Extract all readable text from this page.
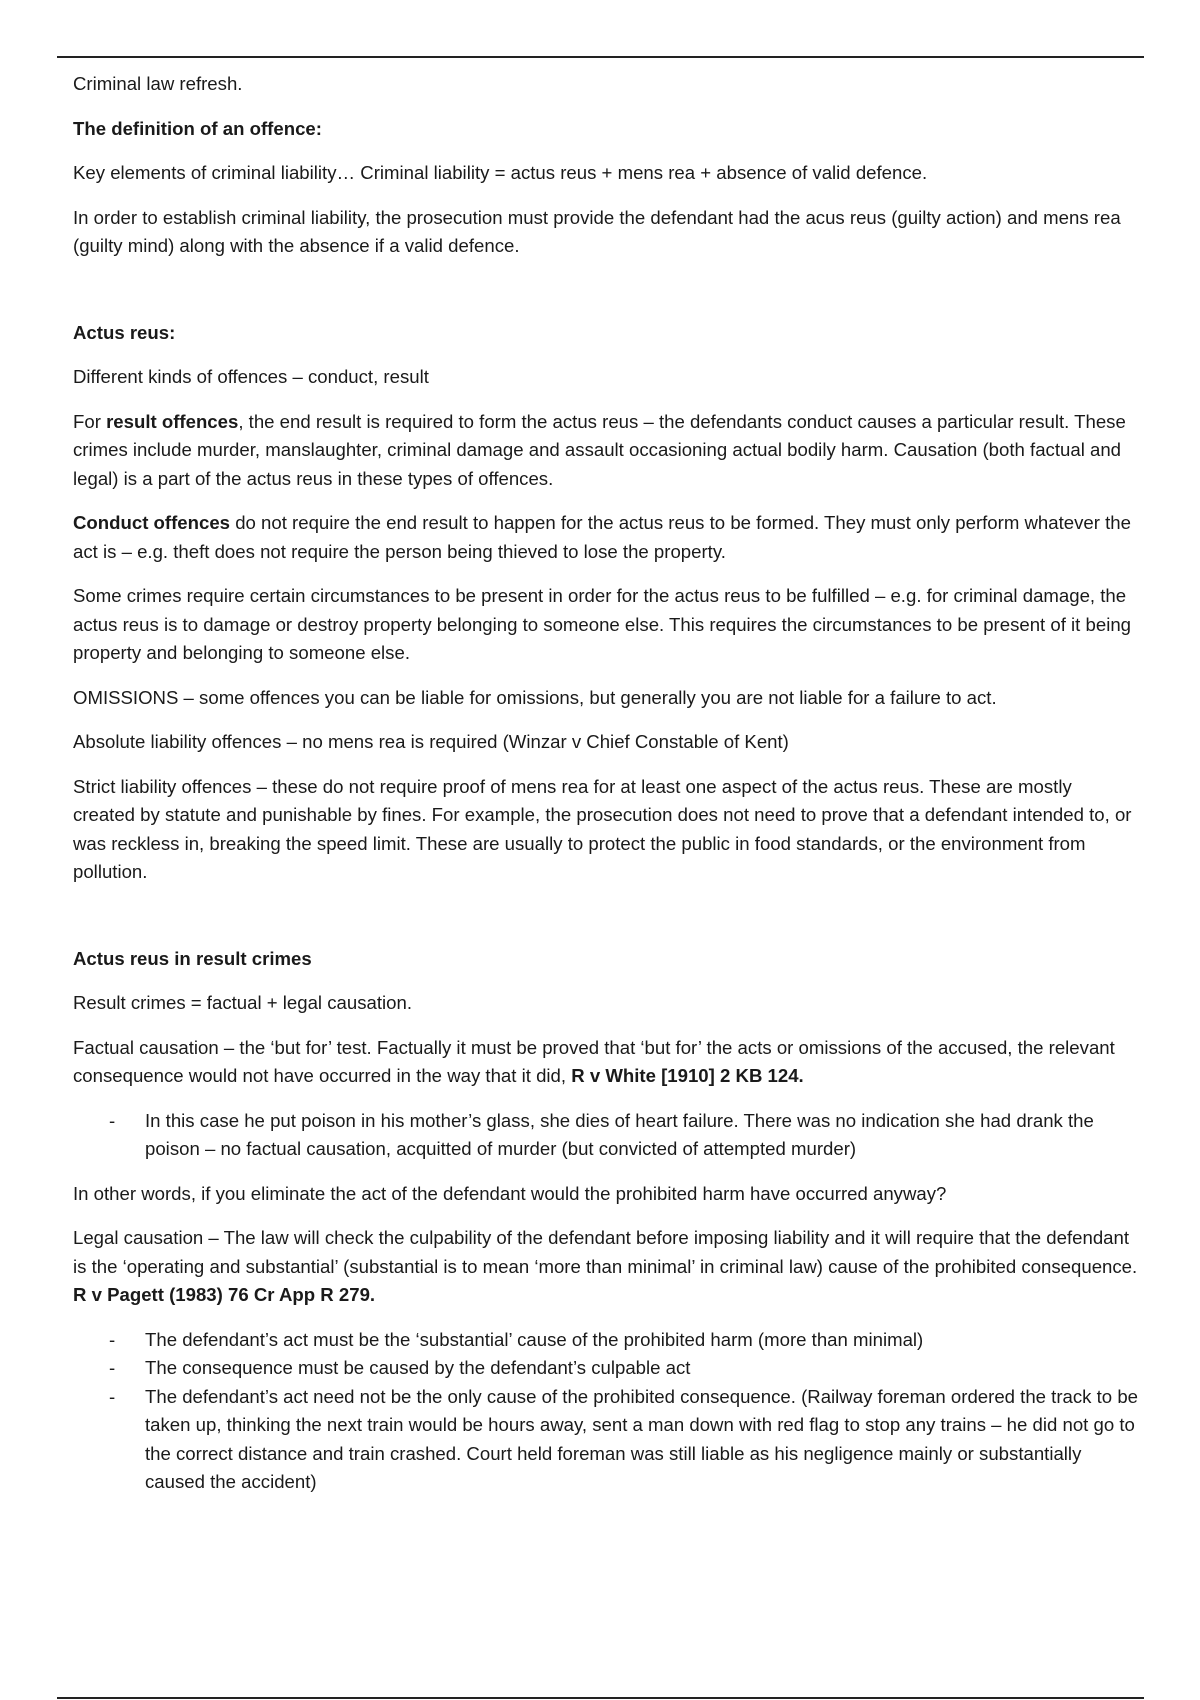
Criminal law refresh.

The definition of an offence:

Key elements of criminal liability… Criminal liability = actus reus + mens rea + absence of valid defence.

In order to establish criminal liability, the prosecution must provide the defendant had the acus reus (guilty action) and mens rea (guilty mind) along with the absence if a valid defence.

Actus reus:

Different kinds of offences – conduct, result

For result offences, the end result is required to form the actus reus – the defendants conduct causes a particular result. These crimes include murder, manslaughter, criminal damage and assault occasioning actual bodily harm. Causation (both factual and legal) is a part of the actus reus in these types of offences.

Conduct offences do not require the end result to happen for the actus reus to be formed. They must only perform whatever the act is – e.g. theft does not require the person being thieved to lose the property.

Some crimes require certain circumstances to be present in order for the actus reus to be fulfilled – e.g. for criminal damage, the actus reus is to damage or destroy property belonging to someone else. This requires the circumstances to be present of it being property and belonging to someone else.

OMISSIONS – some offences you can be liable for omissions, but generally you are not liable for a failure to act.

Absolute liability offences – no mens rea is required (Winzar v Chief Constable of Kent)

Strict liability offences – these do not require proof of mens rea for at least one aspect of the actus reus. These are mostly created by statute and punishable by fines. For example, the prosecution does not need to prove that a defendant intended to, or was reckless in, breaking the speed limit. These are usually to protect the public in food standards, or the environment from pollution.

Actus reus in result crimes

Result crimes = factual + legal causation.

Factual causation – the ‘but for’ test. Factually it must be proved that ‘but for’ the acts or omissions of the accused, the relevant consequence would not have occurred in the way that it did, R v White [1910] 2 KB 124.

- In this case he put poison in his mother’s glass, she dies of heart failure. There was no indication she had drank the poison – no factual causation, acquitted of murder (but convicted of attempted murder)

In other words, if you eliminate the act of the defendant would the prohibited harm have occurred anyway?

Legal causation – The law will check the culpability of the defendant before imposing liability and it will require that the defendant is the ‘operating and substantial’ (substantial is to mean ‘more than minimal’ in criminal law) cause of the prohibited consequence. R v Pagett (1983) 76 Cr App R 279.

- The defendant’s act must be the ‘substantial’ cause of the prohibited harm (more than minimal)
- The consequence must be caused by the defendant’s culpable act
- The defendant’s act need not be the only cause of the prohibited consequence. (Railway foreman ordered the track to be taken up, thinking the next train would be hours away, sent a man down with red flag to stop any trains – he did not go to the correct distance and train crashed. Court held foreman was still liable as his negligence mainly or substantially caused the accident)
